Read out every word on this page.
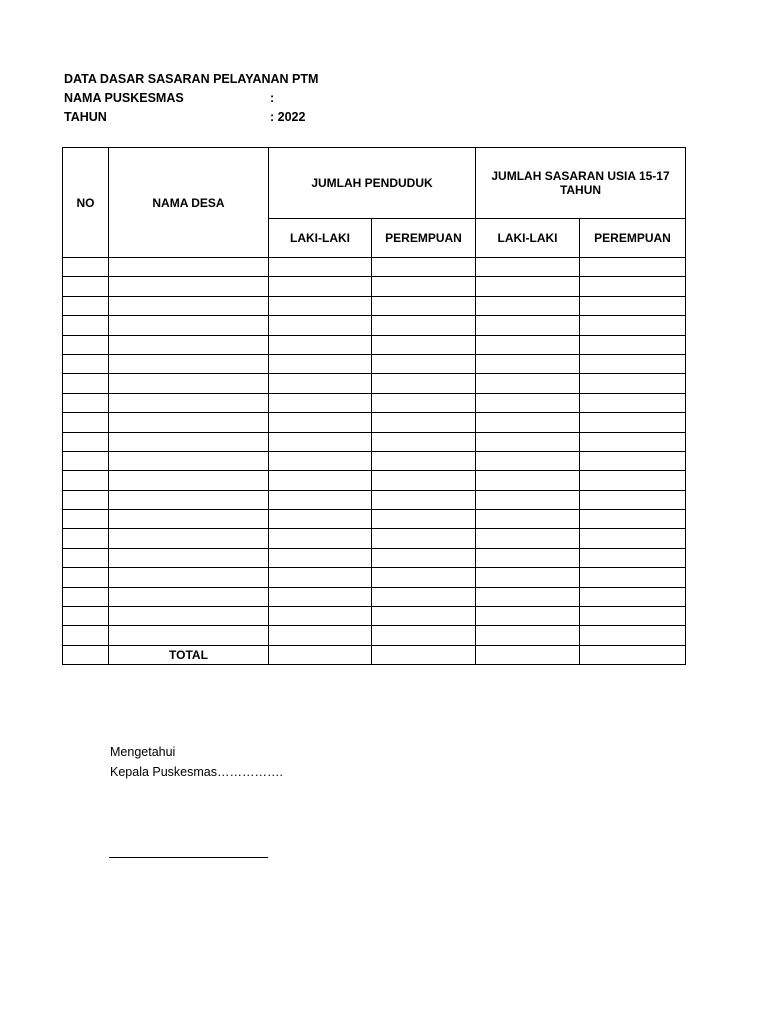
DATA DASAR SASARAN PELAYANAN PTM
NAMA PUSKESMAS	:
TAHUN	: 2022
NO	NAMA DESA	JUMLAH PENDUDUK		JUMLAH SASARAN USIA 15-17 TAHUN	
		LAKI-LAKI	PEREMPUAN	LAKI-LAKI	PEREMPUAN

	TOTAL				
Mengetahui
Kepala Puskesmas…………….
